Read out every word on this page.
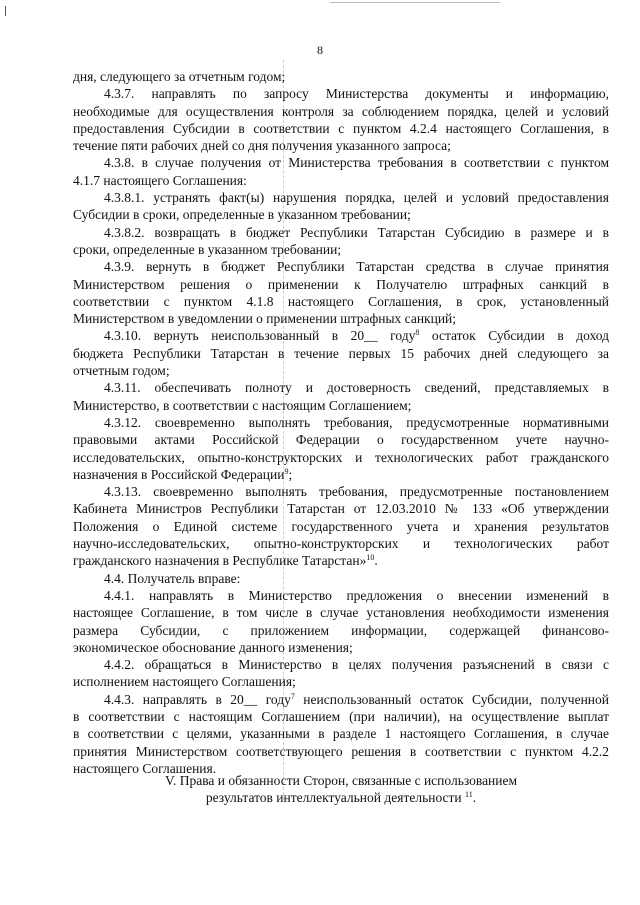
8
дня, следующего за отчетным годом;
4.3.7. направлять по запросу Министерства документы и информацию,
необходимые для осуществления контроля за соблюдением порядка, целей и условий
предоставления Субсидии в соответствии с пунктом 4.2.4 настоящего Соглашения, в
течение пяти рабочих дней со дня получения указанного запроса;
4.3.8. в случае получения от Министерства требования в соответствии с пунктом
4.1.7 настоящего Соглашения:
4.3.8.1. устранять факт(ы) нарушения порядка, целей и условий предоставления
Субсидии в сроки, определенные в указанном требовании;
4.3.8.2. возвращать в бюджет Республики Татарстан Субсидию в размере и в
сроки, определенные в указанном требовании;
4.3.9. вернуть в бюджет Республики Татарстан средства в случае принятия
Министерством решения о применении к Получателю штрафных санкций в
соответствии с пунктом 4.1.8 настоящего Соглашения, в срок, установленный
Министерством в уведомлении о применении штрафных санкций;
4.3.10. вернуть неиспользованный в 20__ году$^8$ остаток Субсидии в доход
бюджета Республики Татарстан в течение первых 15 рабочих дней следующего за
отчетным годом;
4.3.11. обеспечивать полноту и достоверность сведений, представляемых в
Министерство, в соответствии с настоящим Соглашением;
4.3.12. своевременно выполнять требования, предусмотренные нормативными
правовыми актами Российской Федерации о государственном учете научно-
исследовательских, опытно-конструкторских и технологических работ гражданского
назначения в Российской Федерации$^9$;
4.3.13. своевременно выполнять требования, предусмотренные постановлением
Кабинета Министров Республики Татарстан от 12.03.2010 № 133 «Об утверждении
Положения о Единой системе государственного учета и хранения результатов
научно-исследовательских, опытно-конструкторских и технологических работ
гражданского назначения в Республике Татарстан»$^{10}$.
4.4. Получатель вправе:
4.4.1. направлять в Министерство предложения о внесении изменений в
настоящее Соглашение, в том числе в случае установления необходимости изменения
размера Субсидии, с приложением информации, содержащей финансово-
экономическое обоснование данного изменения;
4.4.2. обращаться в Министерство в целях получения разъяснений в связи с
исполнением настоящего Соглашения;
4.4.3. направлять в 20__ году$^7$ неиспользованный остаток Субсидии, полученной
в соответствии с настоящим Соглашением (при наличии), на осуществление выплат
в соответствии с целями, указанными в разделе 1 настоящего Соглашения, в случае
принятия Министерством соответствующего решения в соответствии с пунктом 4.2.2
настоящего Соглашения.
V. Права и обязанности Сторон, связанные с использованием
результатов интеллектуальной деятельности $^{11}$.
